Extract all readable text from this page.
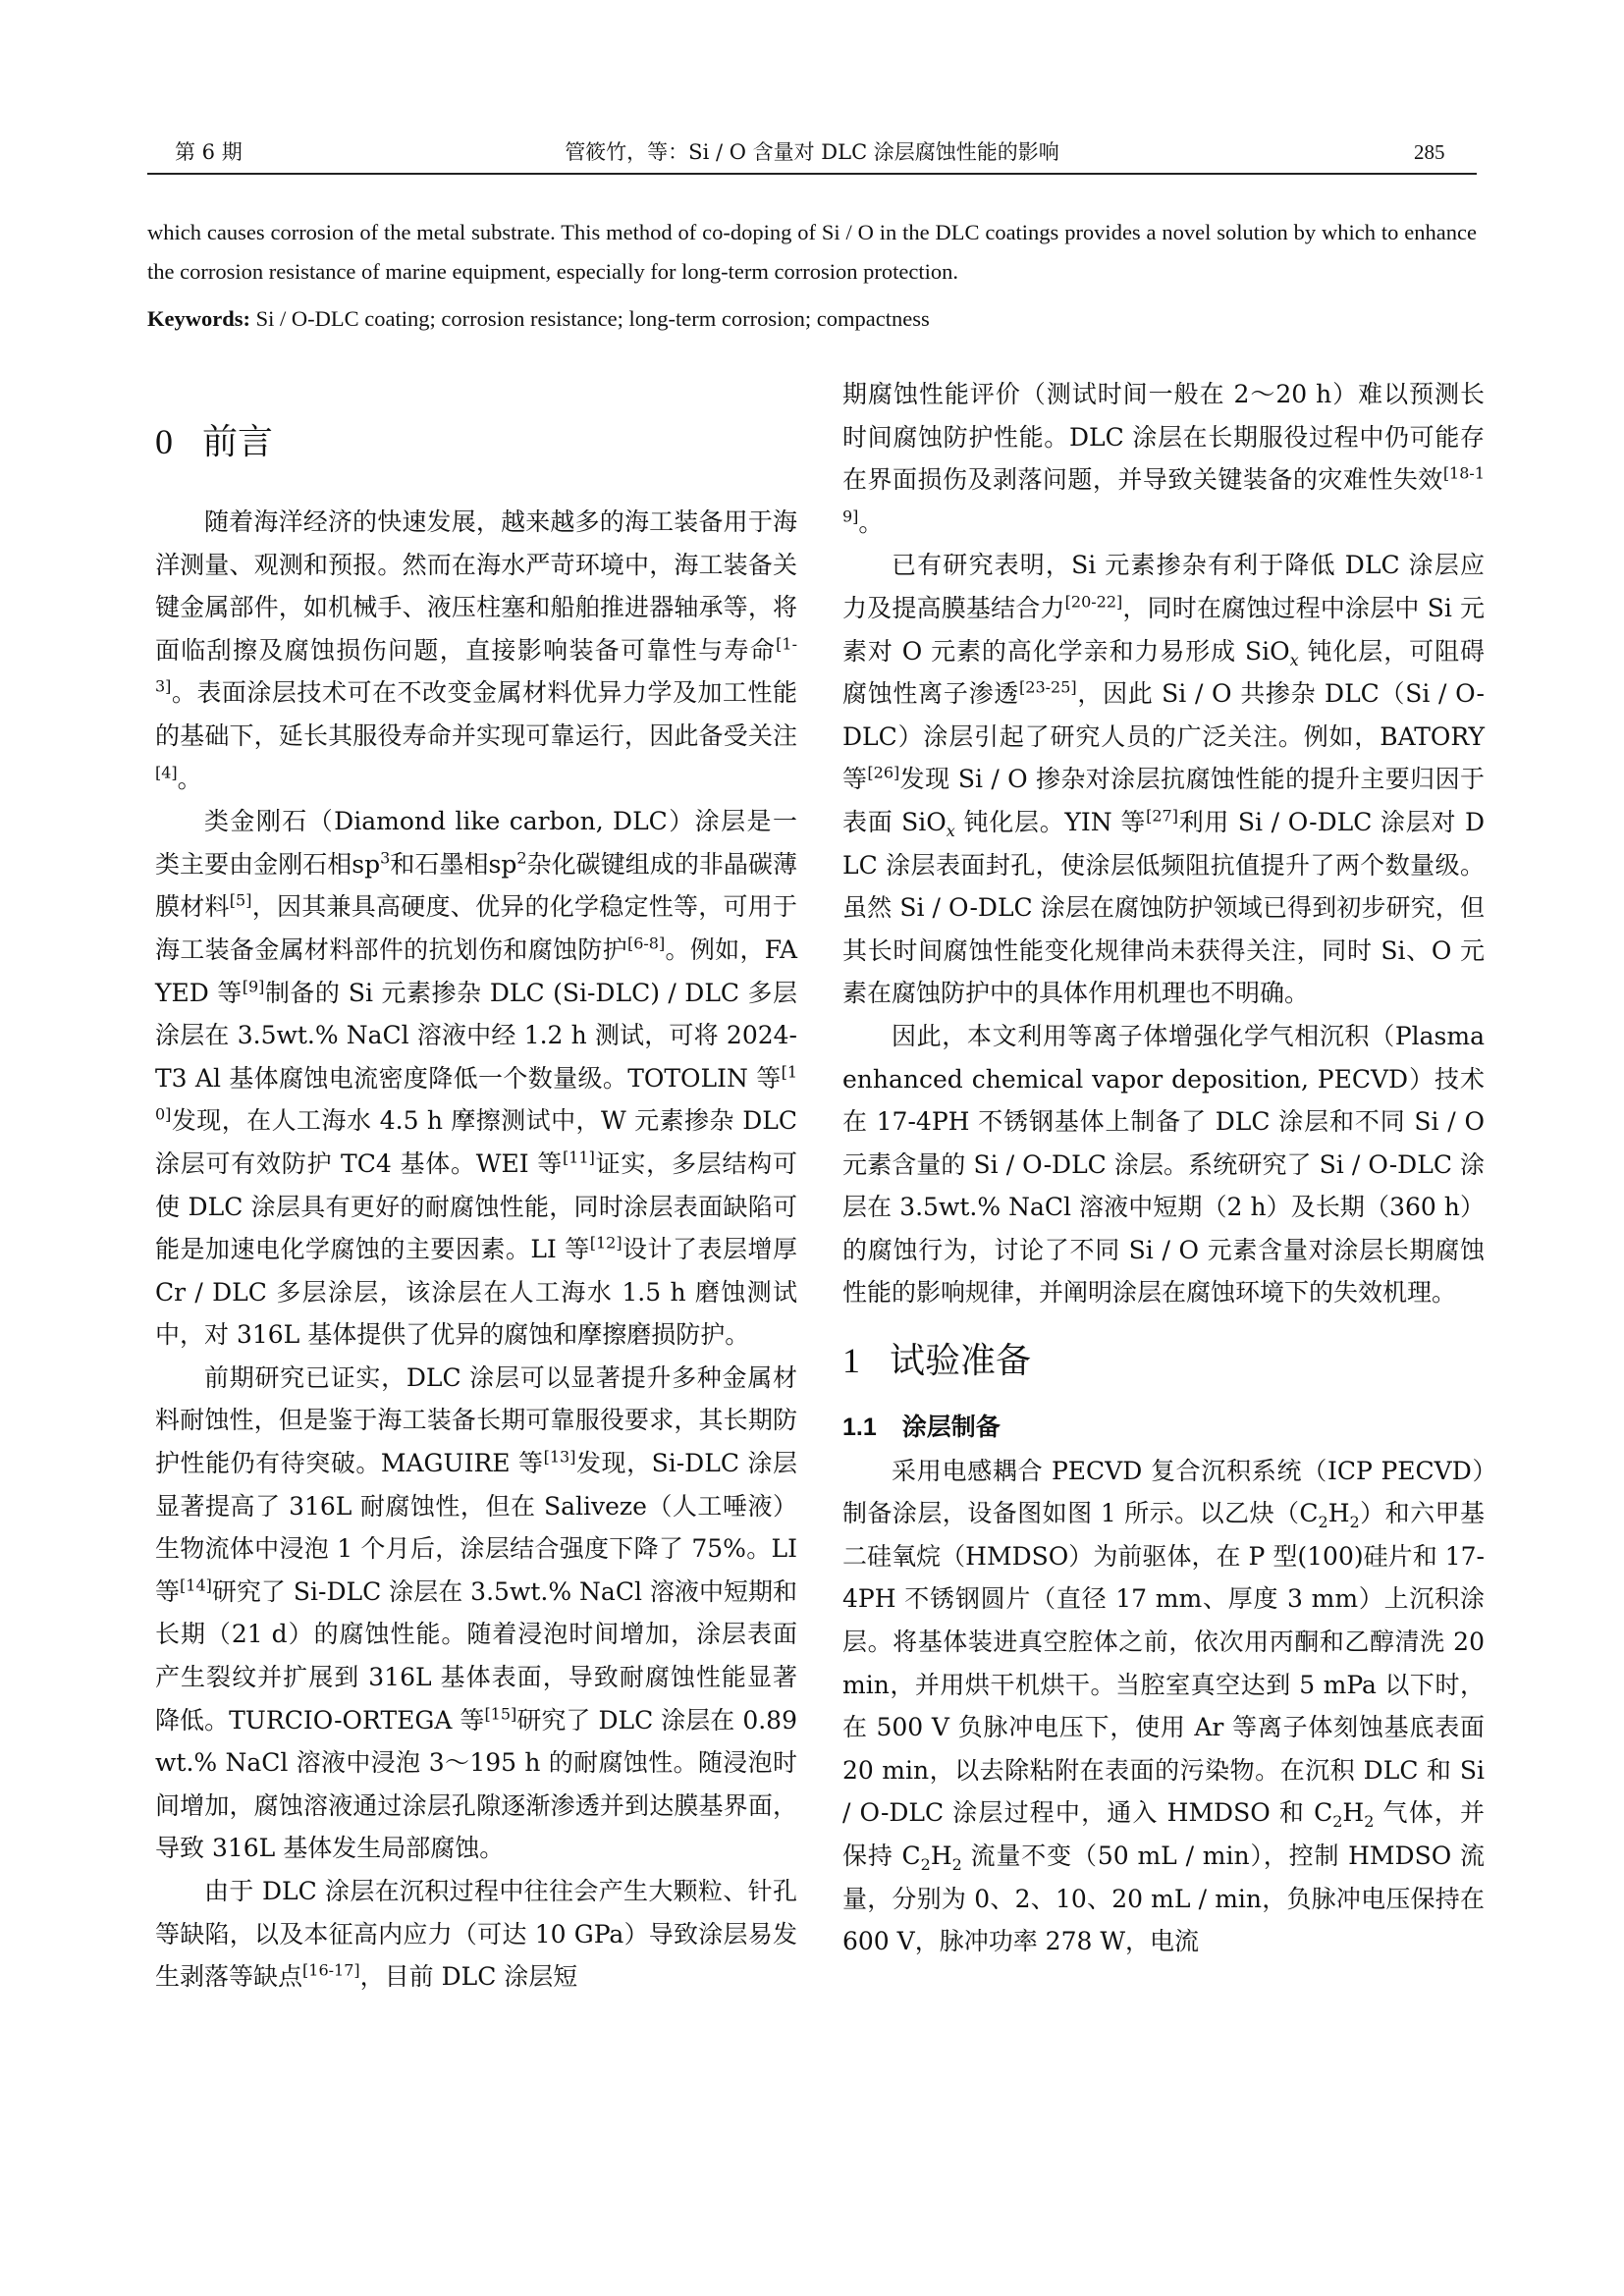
第 6 期	管筱竹，等：Si / O 含量对 DLC 涂层腐蚀性能的影响	285
which causes corrosion of the metal substrate. This method of co-doping of Si / O in the DLC coatings provides a novel solution by which to enhance the corrosion resistance of marine equipment, especially for long-term corrosion protection.
Keywords: Si / O-DLC coating; corrosion resistance; long-term corrosion; compactness
0 前言

随着海洋经济的快速发展，越来越多的海工装备用于海洋测量、观测和预报。然而在海水严苛环境中，海工装备关键金属部件，如机械手、液压柱塞和船舶推进器轴承等，将面临刮擦及腐蚀损伤问题，直接影响装备可靠性与寿命[1-3]。表面涂层技术可在不改变金属材料优异力学及加工性能的基础下，延长其服役寿命并实现可靠运行，因此备受关注[4]。

类金刚石（Diamond like carbon, DLC）涂层是一类主要由金刚石相$sp^3$和石墨相$sp^2$杂化碳键组成的非晶碳薄膜材料[5]，因其兼具高硬度、优异的化学稳定性等，可用于海工装备金属材料部件的抗划伤和腐蚀防护[6-8]。例如，FAYED 等[9]制备的 Si 元素掺杂 DLC (Si-DLC) / DLC 多层涂层在 3.5wt.% NaCl 溶液中经 1.2 h 测试，可将 2024-T3 Al 基体腐蚀电流密度降低一个数量级。TOTOLIN 等[10]发现，在人工海水 4.5 h 摩擦测试中，W 元素掺杂 DLC 涂层可有效防护 TC4 基体。WEI 等[11]证实，多层结构可使 DLC 涂层具有更好的耐腐蚀性能，同时涂层表面缺陷可能是加速电化学腐蚀的主要因素。LI 等[12]设计了表层增厚 Cr / DLC 多层涂层，该涂层在人工海水 1.5 h 磨蚀测试中，对 316L 基体提供了优异的腐蚀和摩擦磨损防护。

前期研究已证实，DLC 涂层可以显著提升多种金属材料耐蚀性，但是鉴于海工装备长期可靠服役要求，其长期防护性能仍有待突破。MAGUIRE 等[13]发现，Si-DLC 涂层显著提高了 316L 耐腐蚀性，但在 Saliveze（人工唾液）生物流体中浸泡 1 个月后，涂层结合强度下降了 75%。LI 等[14]研究了 Si-DLC 涂层在 3.5wt.% NaCl 溶液中短期和长期（21 d）的腐蚀性能。随着浸泡时间增加，涂层表面产生裂纹并扩展到 316L 基体表面，导致耐腐蚀性能显著降低。TURCIO-ORTEGA 等[15]研究了 DLC 涂层在 0.89wt.% NaCl 溶液中浸泡 3～195 h 的耐腐蚀性。随浸泡时间增加，腐蚀溶液通过涂层孔隙逐渐渗透并到达膜基界面，导致 316L 基体发生局部腐蚀。

由于 DLC 涂层在沉积过程中往往会产生大颗粒、针孔等缺陷，以及本征高内应力（可达 10 GPa）导致涂层易发生剥落等缺点[16-17]，目前 DLC 涂层短

期腐蚀性能评价（测试时间一般在 2～20 h）难以预测长时间腐蚀防护性能。DLC 涂层在长期服役过程中仍可能存在界面损伤及剥落问题，并导致关键装备的灾难性失效[18-19]。

已有研究表明，Si 元素掺杂有利于降低 DLC 涂层应力及提高膜基结合力[20-22]，同时在腐蚀过程中涂层中 Si 元素对 O 元素的高化学亲和力易形成 SiO$_x$ 钝化层，可阻碍腐蚀性离子渗透[23-25]，因此 Si / O 共掺杂 DLC（Si / O-DLC）涂层引起了研究人员的广泛关注。例如，BATORY 等[26]发现 Si / O 掺杂对涂层抗腐蚀性能的提升主要归因于表面 SiO$_x$ 钝化层。YIN 等[27]利用 Si / O-DLC 涂层对 DLC 涂层表面封孔，使涂层低频阻抗值提升了两个数量级。虽然 Si / O-DLC 涂层在腐蚀防护领域已得到初步研究，但其长时间腐蚀性能变化规律尚未获得关注，同时 Si、O 元素在腐蚀防护中的具体作用机理也不明确。

因此，本文利用等离子体增强化学气相沉积（Plasma enhanced chemical vapor deposition, PECVD）技术在 17-4PH 不锈钢基体上制备了 DLC 涂层和不同 Si / O 元素含量的 Si / O-DLC 涂层。系统研究了 Si / O-DLC 涂层在 3.5wt.% NaCl 溶液中短期（2 h）及长期（360 h）的腐蚀行为，讨论了不同 Si / O 元素含量对涂层长期腐蚀性能的影响规律，并阐明涂层在腐蚀环境下的失效机理。

1 试验准备
1.1 涂层制备

采用电感耦合 PECVD 复合沉积系统（ICP PECVD）制备涂层，设备图如图 1 所示。以乙炔$(C_2H_2)$和六甲基二硅氧烷（HMDSO）为前驱体，在 P 型(100)硅片和 17-4PH 不锈钢圆片（直径 17 mm、厚度 3 mm）上沉积涂层。将基体装进真空腔体之前，依次用丙酮和乙醇清洗 20 min，并用烘干机烘干。当腔室真空达到 5 mPa 以下时，在 500 V 负脉冲电压下，使用 Ar 等离子体刻蚀基底表面 20 min，以去除粘附在表面的污染物。在沉积 DLC 和 Si / O-DLC 涂层过程中，通入 HMDSO 和 $C_2H_2$ 气体，并保持 $C_2H_2$ 流量不变（50 mL / min），控制 HMDSO 流量，分别为 0、2、10、20 mL / min，负脉冲电压保持在 600 V，脉冲功率 278 W，电流
